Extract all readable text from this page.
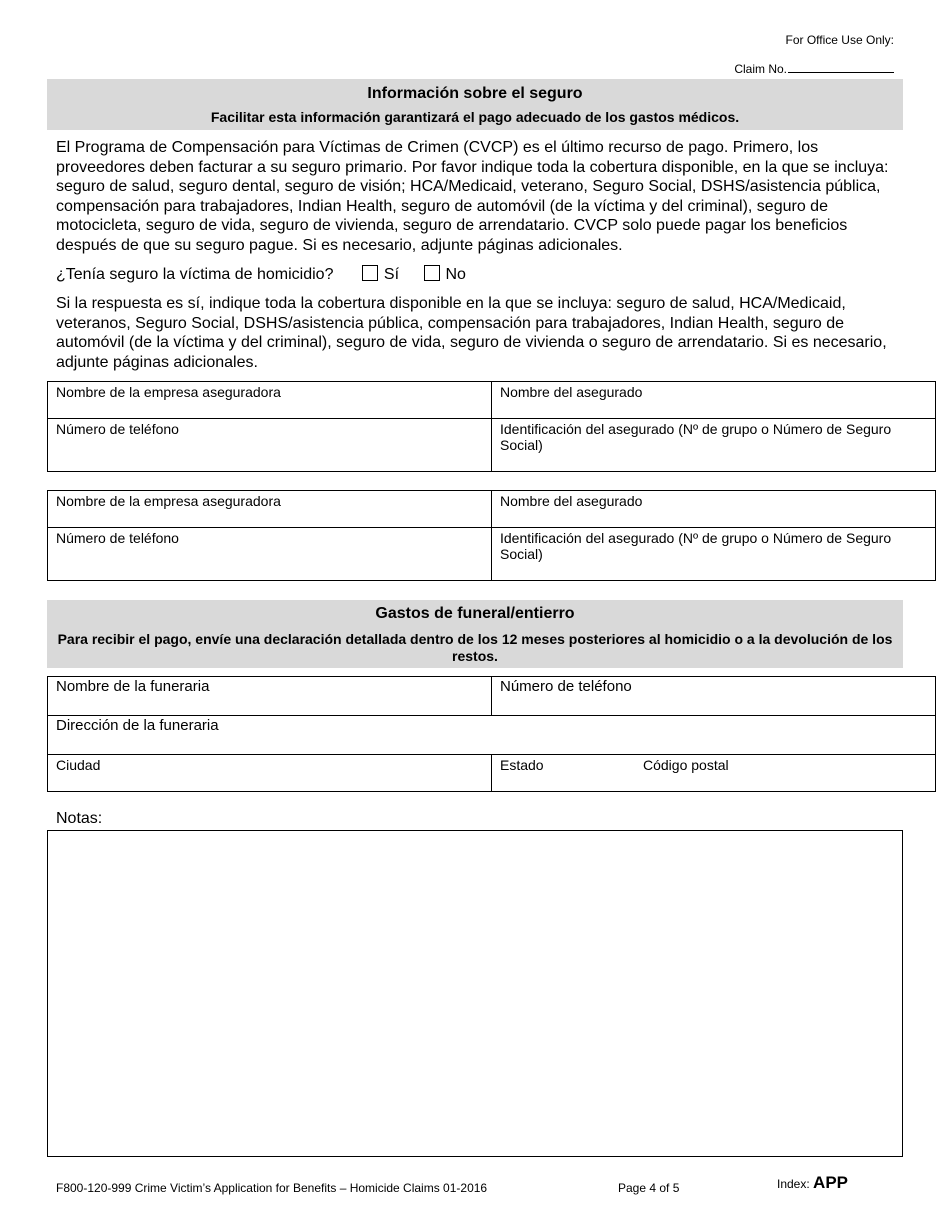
For Office Use Only:
Claim No.
Información sobre el seguro
Facilitar esta información garantizará el pago adecuado de los gastos médicos.
El Programa de Compensación para Víctimas de Crimen (CVCP) es el último recurso de pago. Primero, los proveedores deben facturar a su seguro primario. Por favor indique toda la cobertura disponible, en la que se incluya: seguro de salud, seguro dental, seguro de visión; HCA/Medicaid, veterano, Seguro Social, DSHS/asistencia pública, compensación para trabajadores, Indian Health, seguro de automóvil (de la víctima y del criminal), seguro de motocicleta, seguro de vida, seguro de vivienda, seguro de arrendatario. CVCP solo puede pagar los beneficios después de que su seguro pague. Si es necesario, adjunte páginas adicionales.
¿Tenía seguro la víctima de homicidio?	Sí	No
Si la respuesta es sí, indique toda la cobertura disponible en la que se incluya: seguro de salud, HCA/Medicaid, veteranos, Seguro Social, DSHS/asistencia pública, compensación para trabajadores, Indian Health, seguro de automóvil (de la víctima y del criminal), seguro de vida, seguro de vivienda o seguro de arrendatario. Si es necesario, adjunte páginas adicionales.
Nombre de la empresa aseguradora	Nombre del asegurado
Número de teléfono	Identificación del asegurado (Nº de grupo o Número de Seguro Social)
Nombre de la empresa aseguradora	Nombre del asegurado
Número de teléfono	Identificación del asegurado (Nº de grupo o Número de Seguro Social)
Gastos de funeral/entierro
Para recibir el pago, envíe una declaración detallada dentro de los 12 meses posteriores al homicidio o a la devolución de los restos.
Nombre de la funeraria	Número de teléfono
Dirección de la funeraria	
Ciudad	Estado Código postal
Notas:
F800-120-999 Crime Victim’s Application for Benefits – Homicide Claims 01-2016	Page 4 of 5	Index: APP
